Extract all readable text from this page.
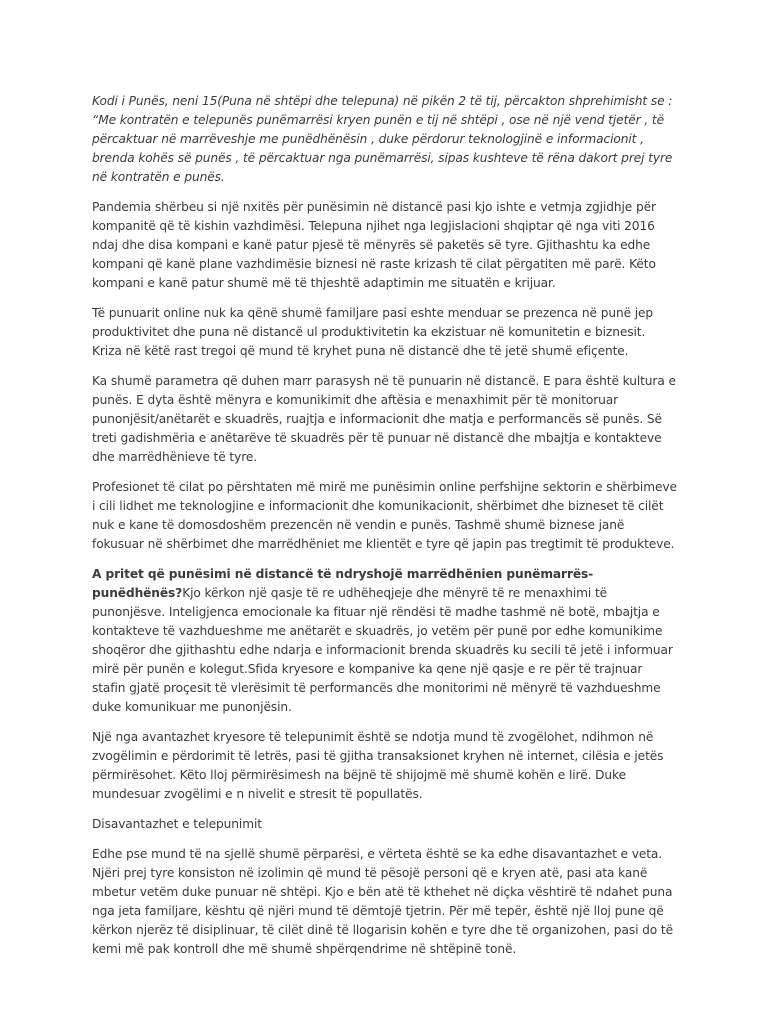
Kodi i Punës, neni 15(Puna në shtëpi dhe telepuna) në pikën 2 të tij, përcakton shprehimisht se : “Me kontratën e telepunës punëmarrësi kryen punën e tij në shtëpi , ose në një vend tjetër , të përcaktuar në marrëveshje me punëdhënësin , duke përdorur teknologjinë e informacionit , brenda kohës së punës , të përcaktuar nga punëmarrësi, sipas kushteve të rëna dakort prej tyre në kontratën e punës.

Pandemia shërbeu si një nxitës për punësimin në distancë pasi kjo ishte e vetmja zgjidhje për kompanitë që të kishin vazhdimësi. Telepuna njihet nga legjislacioni shqiptar që nga viti 2016 ndaj dhe disa kompani e kanë patur pjesë të mënyrës së paketës së tyre. Gjithashtu ka edhe kompani që kanë plane vazhdimësie biznesi në raste krizash të cilat përgatiten më parë. Këto kompani e kanë patur shumë më të thjeshtë adaptimin me situatën e krijuar.

Të punuarit online nuk ka qënë shumë familjare pasi eshte menduar se prezenca në punë jep produktivitet dhe puna në distancë ul produktivitetin ka ekzistuar në komunitetin e biznesit. Kriza në këtë rast tregoi që mund të kryhet puna në distancë dhe të jetë shumë efiçente.

Ka shumë parametra që duhen marr parasysh në të punuarin në distancë. E para është kultura e punës. E dyta është mënyra e komunikimit dhe aftësia e menaxhimit për të monitoruar punonjësit/anëtarët e skuadrës, ruajtja e informacionit dhe matja e performancës së punës. Së treti gadishmëria e anëtarëve të skuadrës për të punuar në distancë dhe mbajtja e kontakteve dhe marrëdhënieve të tyre.

Profesionet të cilat po përshtaten më mirë me punësimin online perfshijne sektorin e shërbimeve i cili lidhet me teknologjine e informacionit dhe komunikacionit, shërbimet dhe bizneset të cilët nuk e kane të domosdoshëm prezencën në vendin e punës. Tashmë shumë biznese janë fokusuar në shërbimet dhe marrëdhëniet me klientët e tyre që japin pas tregtimit të produkteve.

A pritet që punësimi në distancë të ndryshojë marrëdhënien punëmarrës-punëdhënës?Kjo kërkon një qasje të re udhëheqjeje dhe mënyrë të re menaxhimi të punonjësve. Inteligjenca emocionale ka fituar një rëndësi të madhe tashmë në botë, mbajtja e kontakteve të vazhdueshme me anëtarët e skuadrës, jo vetëm për punë por edhe komunikime shoqëror dhe gjithashtu edhe ndarja e informacionit brenda skuadrës ku secili të jetë i informuar mirë për punën e kolegut.Sfida kryesore e kompanive ka qene një qasje e re për të trajnuar stafin gjatë proçesit të vlerësimit të performancës dhe monitorimi në mënyrë të vazhdueshme duke komunikuar me punonjësin.

Një nga avantazhet kryesore të telepunimit është se ndotja mund të zvogëlohet, ndihmon në zvogëlimin e përdorimit të letrës, pasi të gjitha transaksionet kryhen në internet, cilësia e jetës përmirësohet. Këto lloj përmirësimesh na bëjnë të shijojmë më shumë kohën e lirë. Duke mundesuar zvogëlimi e n nivelit e stresit të popullatës.

Disavantazhet e telepunimit

Edhe pse mund të na sjellë shumë përparësi, e vërteta është se ka edhe disavantazhet e veta. Njëri prej tyre konsiston në izolimin që mund të pësojë personi që e kryen atë, pasi ata kanë mbetur vetëm duke punuar në shtëpi. Kjo e bën atë të kthehet në diçka vështirë të ndahet puna nga jeta familjare, kështu që njëri mund të dëmtojë tjetrin. Për më tepër, është një lloj pune që kërkon njerëz të disiplinuar, të cilët dinë të llogarisin kohën e tyre dhe të organizohen, pasi do të kemi më pak kontroll dhe më shumë shpërqendrime në shtëpinë tonë.
